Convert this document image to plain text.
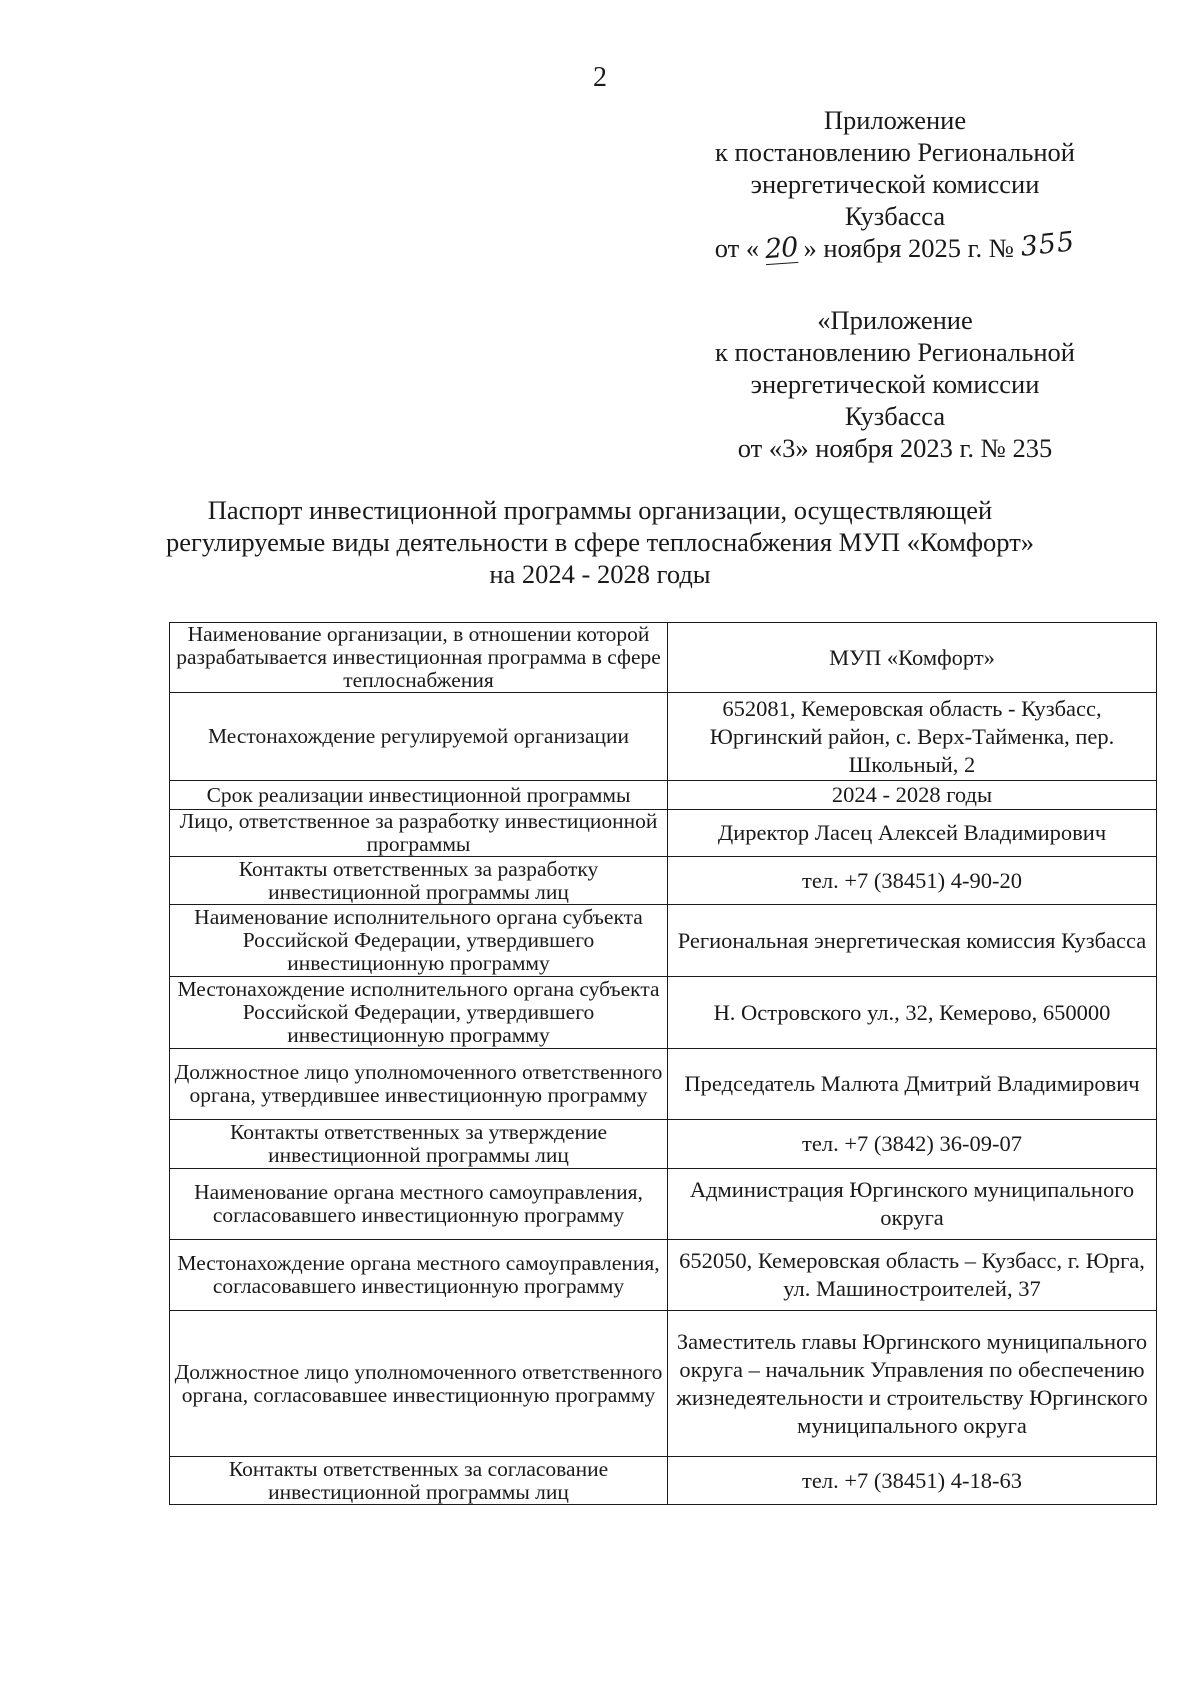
2
Приложение
к постановлению Региональной
энергетической комиссии
Кузбасса
от « 20 » ноября 2025 г. № 355
«Приложение
к постановлению Региональной
энергетической комиссии
Кузбасса
от «3» ноября 2023 г. № 235
Паспорт инвестиционной программы организации, осуществляющей
регулируемые виды деятельности в сфере теплоснабжения МУП «Комфорт»
на 2024 - 2028 годы
Наименование организации, в отношении которой разрабатывается инвестиционная программа в сфере теплоснабжения	МУП «Комфорт»
Местонахождение регулируемой организации	652081, Кемеровская область - Кузбасс, Юргинский район, с. Верх-Тайменка, пер. Школьный, 2
Срок реализации инвестиционной программы	2024 - 2028 годы
Лицо, ответственное за разработку инвестиционной программы	Директор Ласец Алексей Владимирович
Контакты ответственных за разработку инвестиционной программы лиц	тел. +7 (38451) 4-90-20
Наименование исполнительного органа субъекта Российской Федерации, утвердившего инвестиционную программу	Региональная энергетическая комиссия Кузбасса
Местонахождение исполнительного органа субъекта Российской Федерации, утвердившего инвестиционную программу	Н. Островского ул., 32, Кемерово, 650000
Должностное лицо уполномоченного ответственного органа, утвердившее инвестиционную программу	Председатель Малюта Дмитрий Владимирович
Контакты ответственных за утверждение инвестиционной программы лиц	тел. +7 (3842) 36-09-07
Наименование органа местного самоуправления, согласовавшего инвестиционную программу	Администрация Юргинского муниципального округа
Местонахождение органа местного самоуправления, согласовавшего инвестиционную программу	652050, Кемеровская область – Кузбасс, г. Юрга, ул. Машиностроителей, 37
Должностное лицо уполномоченного ответственного органа, согласовавшее инвестиционную программу	Заместитель главы Юргинского муниципального округа – начальник Управления по обеспечению жизнедеятельности и строительству Юргинского муниципального округа
Контакты ответственных за согласование инвестиционной программы лиц	тел. +7 (38451) 4-18-63
